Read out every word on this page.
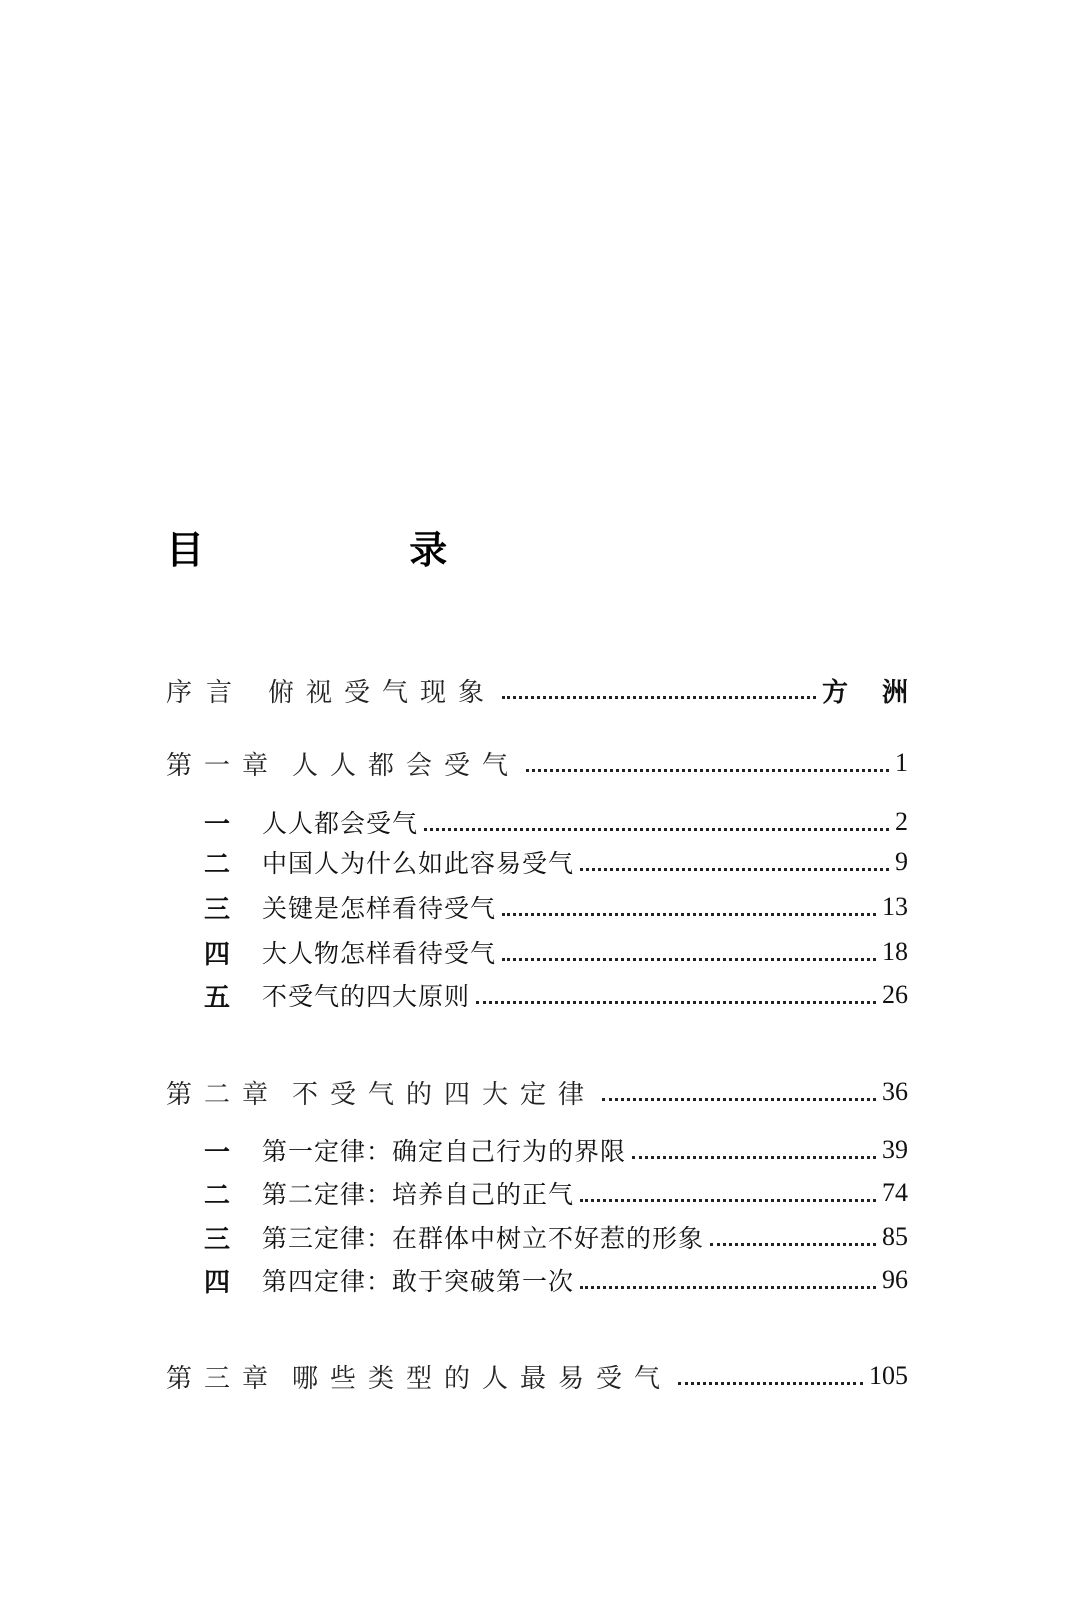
目 录
序言 俯视受气现象	方洲
第一章 人人都会受气	1
一	人人都会受气	2
二	中国人为什么如此容易受气	9
三	关键是怎样看待受气	13
四	大人物怎样看待受气	18
五	不受气的四大原则	26
第二章 不受气的四大定律	36
一	第一定律：确定自己行为的界限	39
二	第二定律：培养自己的正气	74
三	第三定律：在群体中树立不好惹的形象	85
四	第四定律：敢于突破第一次	96
第三章 哪些类型的人最易受气	105
